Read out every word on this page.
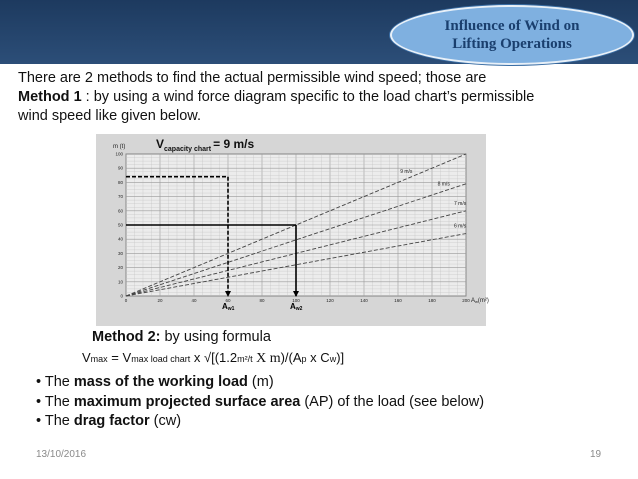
Influence of Wind on
Lifting Operations
There are 2 methods to find the actual permissible wind speed; those are
Method 1 : by using a wind force diagram specific to the load chart’s permissible
wind speed like given below.
9 m/s
8 m/s
7 m/s
6 m/s
Aw1	Aw2
0	20	40	60	80	100	120	140	160	180	200
0
10
20
30
40
50
60
70
80
90
100
m (t)	Vcapacity chart = 9 m/s
Aw(m²)
Method 2: by using formula
Vmax = Vmax load chart x √[(1.2m²/t X m)/(Ap x Cw)]
• The mass of the working load (m)
• The maximum projected surface area (AP) of the load (see below)
• The drag factor (cw)
13/10/2016	19
